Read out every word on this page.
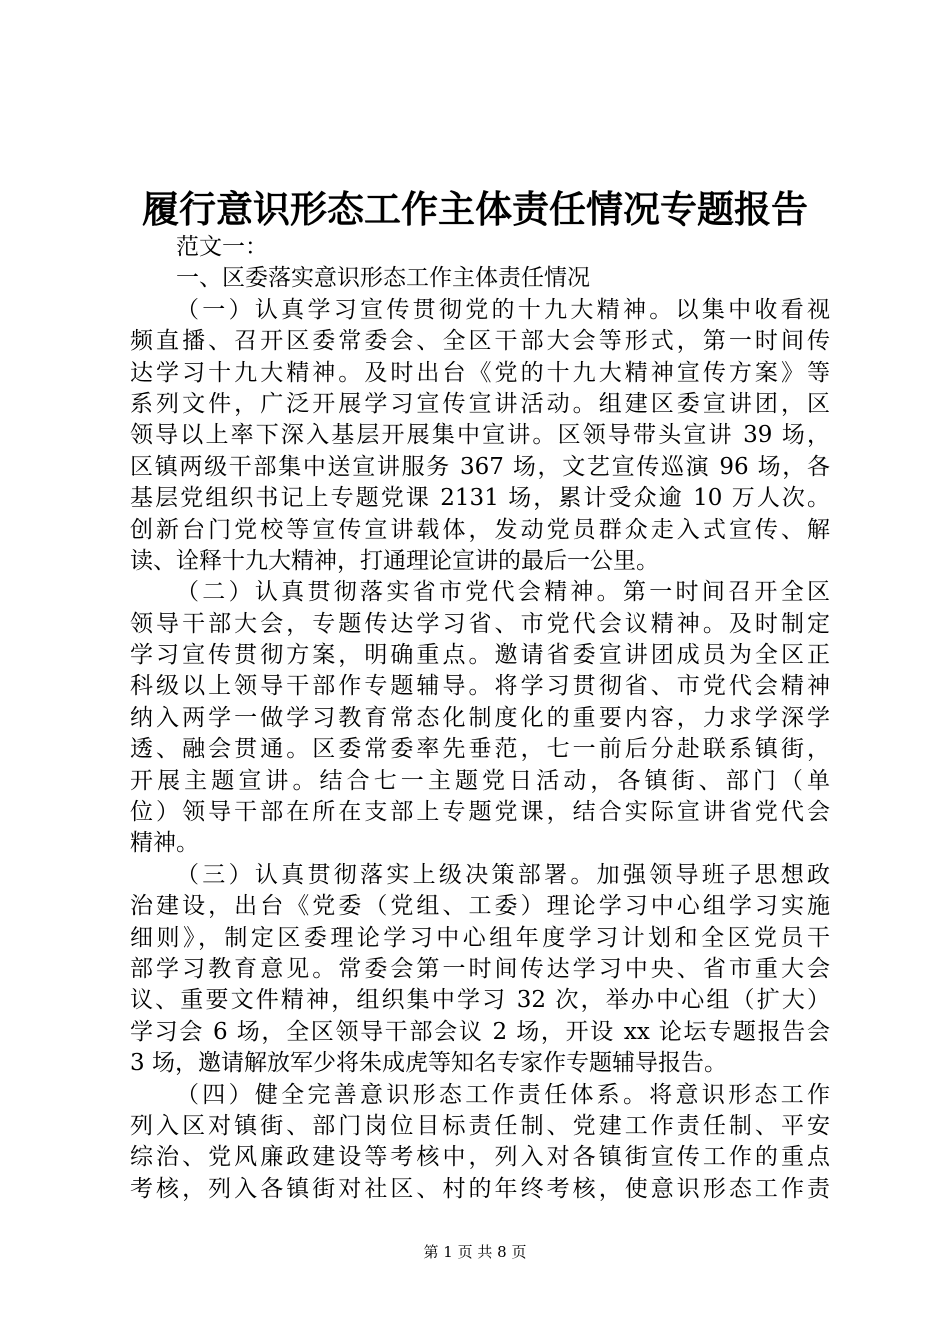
履行意识形态工作主体责任情况专题报告
范文一：
一、区委落实意识形态工作主体责任情况
（一）认真学习宣传贯彻党的十九大精神。以集中收看视
频直播、召开区委常委会、全区干部大会等形式，第一时间传
达学习十九大精神。及时出台《党的十九大精神宣传方案》等
系列文件，广泛开展学习宣传宣讲活动。组建区委宣讲团，区
领导以上率下深入基层开展集中宣讲。区领导带头宣讲 39 场，
区镇两级干部集中送宣讲服务 367 场，文艺宣传巡演 96 场，各
基层党组织书记上专题党课 2131 场，累计受众逾 10 万人次。
创新台门党校等宣传宣讲载体，发动党员群众走入式宣传、解
读、诠释十九大精神，打通理论宣讲的最后一公里。
（二）认真贯彻落实省市党代会精神。第一时间召开全区
领导干部大会，专题传达学习省、市党代会议精神。及时制定
学习宣传贯彻方案，明确重点。邀请省委宣讲团成员为全区正
科级以上领导干部作专题辅导。将学习贯彻省、市党代会精神
纳入两学一做学习教育常态化制度化的重要内容，力求学深学
透、融会贯通。区委常委率先垂范，七一前后分赴联系镇街，
开展主题宣讲。结合七一主题党日活动，各镇街、部门（单
位）领导干部在所在支部上专题党课，结合实际宣讲省党代会
精神。
（三）认真贯彻落实上级决策部署。加强领导班子思想政
治建设，出台《党委（党组、工委）理论学习中心组学习实施
细则》，制定区委理论学习中心组年度学习计划和全区党员干
部学习教育意见。常委会第一时间传达学习中央、省市重大会
议、重要文件精神，组织集中学习 32 次，举办中心组（扩大）
学习会 6 场，全区领导干部会议 2 场，开设 xx 论坛专题报告会
3 场，邀请解放军少将朱成虎等知名专家作专题辅导报告。
（四）健全完善意识形态工作责任体系。将意识形态工作
列入区对镇街、部门岗位目标责任制、党建工作责任制、平安
综治、党风廉政建设等考核中，列入对各镇街宣传工作的重点
考核，列入各镇街对社区、村的年终考核，使意识形态工作责
第 1 页 共 8 页
